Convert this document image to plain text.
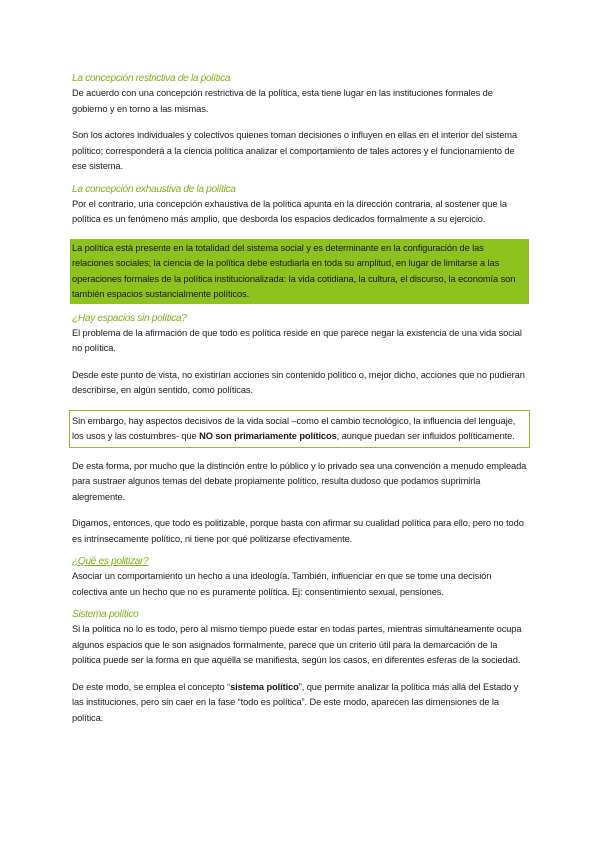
La concepción restrictiva de la política

De acuerdo con una concepción restrictiva de la política, esta tiene lugar en las instituciones formales de gobierno y en torno a las mismas.

Son los actores individuales y colectivos quienes toman decisiones o influyen en ellas en el interior del sistema político; corresponderá a la ciencia política analizar el comportamiento de tales actores y el funcionamiento de ese sistema.

La concepción exhaustiva de la política

Por el contrario, una concepción exhaustiva de la política apunta en la dirección contraria, al sostener que la política es un fenómeno más amplio, que desborda los espacios dedicados formalmente a su ejercicio.

La política está presente en la totalidad del sistema social y es determinante en la configuración de las relaciones sociales; la ciencia de la política debe estudiarla en toda su amplitud, en lugar de limitarse a las operaciones formales de la política institucionalizada: la vida cotidiana, la cultura, el discurso, la economía son también espacios sustancialmente políticos.

¿Hay espacios sin política?

El problema de la afirmación de que todo es política reside en que parece negar la existencia de una vida social no política.

Desde este punto de vista, no existirían acciones sin contenido político o, mejor dicho, acciones que no pudieran describirse, en algún sentido, como políticas.

Sin embargo, hay aspectos decisivos de la vida social –como el cambio tecnológico, la influencia del lenguaje, los usos y las costumbres- que NO son primariamente políticos, aunque puedan ser influidos políticamente.

De esta forma, por mucho que la distinción entre lo público y lo privado sea una convención a menudo empleada para sustraer algunos temas del debate propiamente político, resulta dudoso que podamos suprimirla alegremente.

Digamos, entonces, que todo es politizable, porque basta con afirmar su cualidad política para ello, pero no todo es intrínsecamente político, ni tiene por qué politizarse efectivamente.

¿Qué es politizar?

Asociar un comportamiento un hecho a una ideología. También, influenciar en que se tome una decisión colectiva ante un hecho que no es puramente política. Ej: consentimiento sexual, pensiones.

Sistema político

Si la política no lo es todo, pero al mismo tiempo puede estar en todas partes, mientras simultáneamente ocupa algunos espacios que le son asignados formalmente, parece que un criterio útil para la demarcación de la política puede ser la forma en que aquélla se manifiesta, según los casos, en diferentes esferas de la sociedad.

De este modo, se emplea el concepto “sistema político”, que permite analizar la política más allá del Estado y las instituciones, pero sin caer en la fase “todo es política”. De este modo, aparecen las dimensiones de la política.
